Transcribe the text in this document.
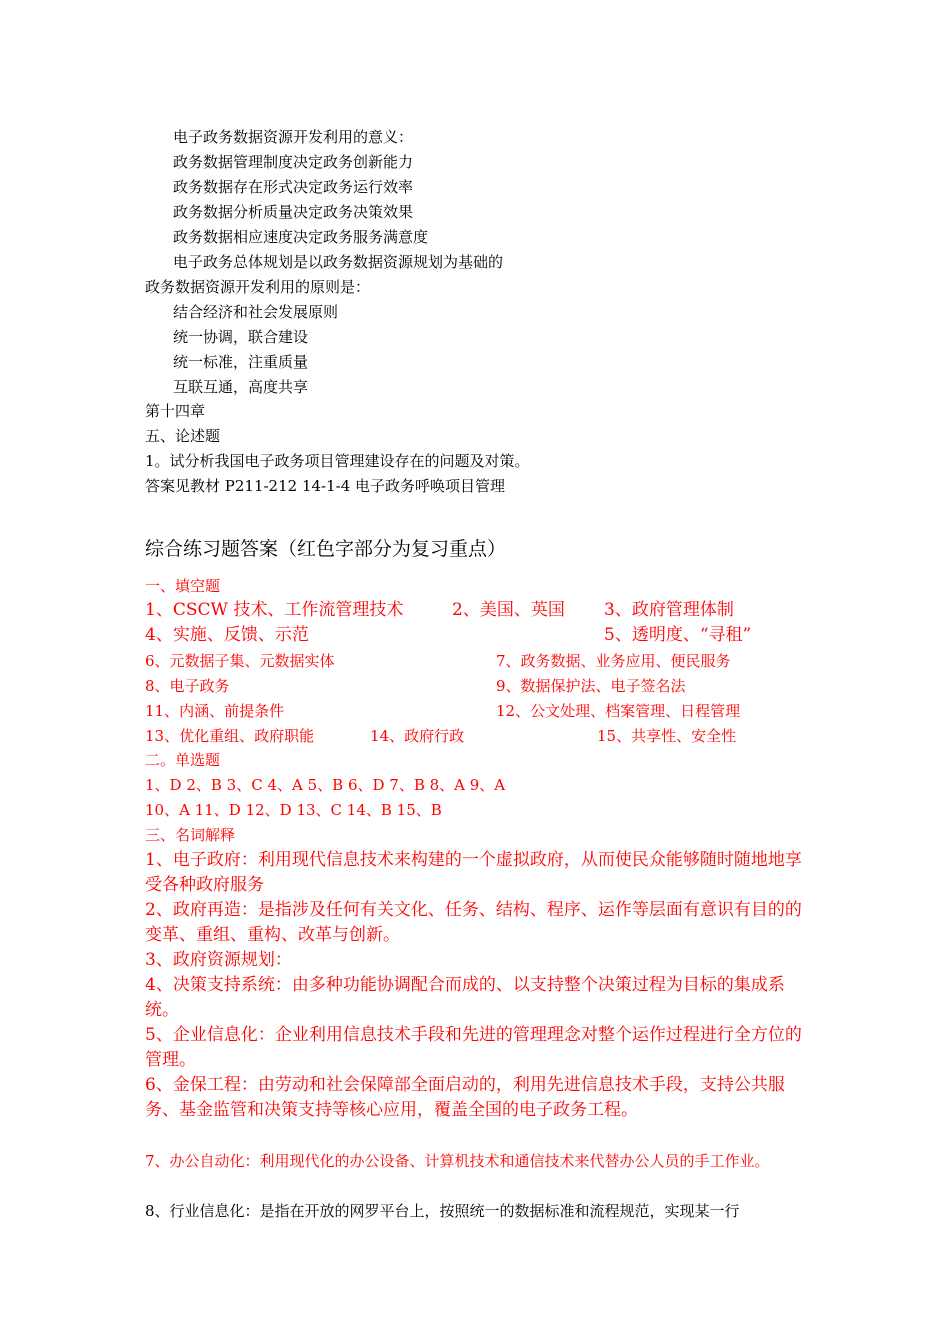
电子政务数据资源开发利用的意义：
政务数据管理制度决定政务创新能力
政务数据存在形式决定政务运行效率
政务数据分析质量决定政务决策效果
政务数据相应速度决定政务服务满意度
电子政务总体规划是以政务数据资源规划为基础的
政务数据资源开发利用的原则是：
结合经济和社会发展原则
统一协调，联合建设
统一标准，注重质量
互联互通，高度共享
第十四章
五、论述题
1。试分析我国电子政务项目管理建设存在的问题及对策。
答案见教材 P211-212 14-1-4 电子政务呼唤项目管理
综合练习题答案（红色字部分为复习重点）
一、填空题
1、CSCW 技术、工作流管理技术	2、美国、英国 3、政府管理体制
4、实施、反馈、示范	5、透明度、“寻租”
6、元数据子集、元数据实体	7、政务数据、业务应用、便民服务
8、电子政务	9、数据保护法、电子签名法
11、内涵、前提条件	12、公文处理、档案管理、日程管理
13、优化重组、政府职能	14、政府行政	15、共享性、安全性
二。单选题
1、D 2、B 3、C 4、A 5、B 6、D 7、B 8、A 9、A
10、A 11、D 12、D 13、C 14、B 15、B
三、名词解释
1、电子政府：利用现代信息技术来构建的一个虚拟政府，从而使民众能够随时随地地享受各种政府服务
2、政府再造：是指涉及任何有关文化、任务、结构、程序、运作等层面有意识有目的的变革、重组、重构、改革与创新。
3、政府资源规划：
4、决策支持系统：由多种功能协调配合而成的、以支持整个决策过程为目标的集成系统。
5、企业信息化：企业利用信息技术手段和先进的管理理念对整个运作过程进行全方位的管理。
6、金保工程：由劳动和社会保障部全面启动的，利用先进信息技术手段，支持公共服务、基金监管和决策支持等核心应用，覆盖全国的电子政务工程。
7、办公自动化：利用现代化的办公设备、计算机技术和通信技术来代替办公人员的手工作业。
8、行业信息化：是指在开放的网罗平台上，按照统一的数据标准和流程规范，实现某一行
